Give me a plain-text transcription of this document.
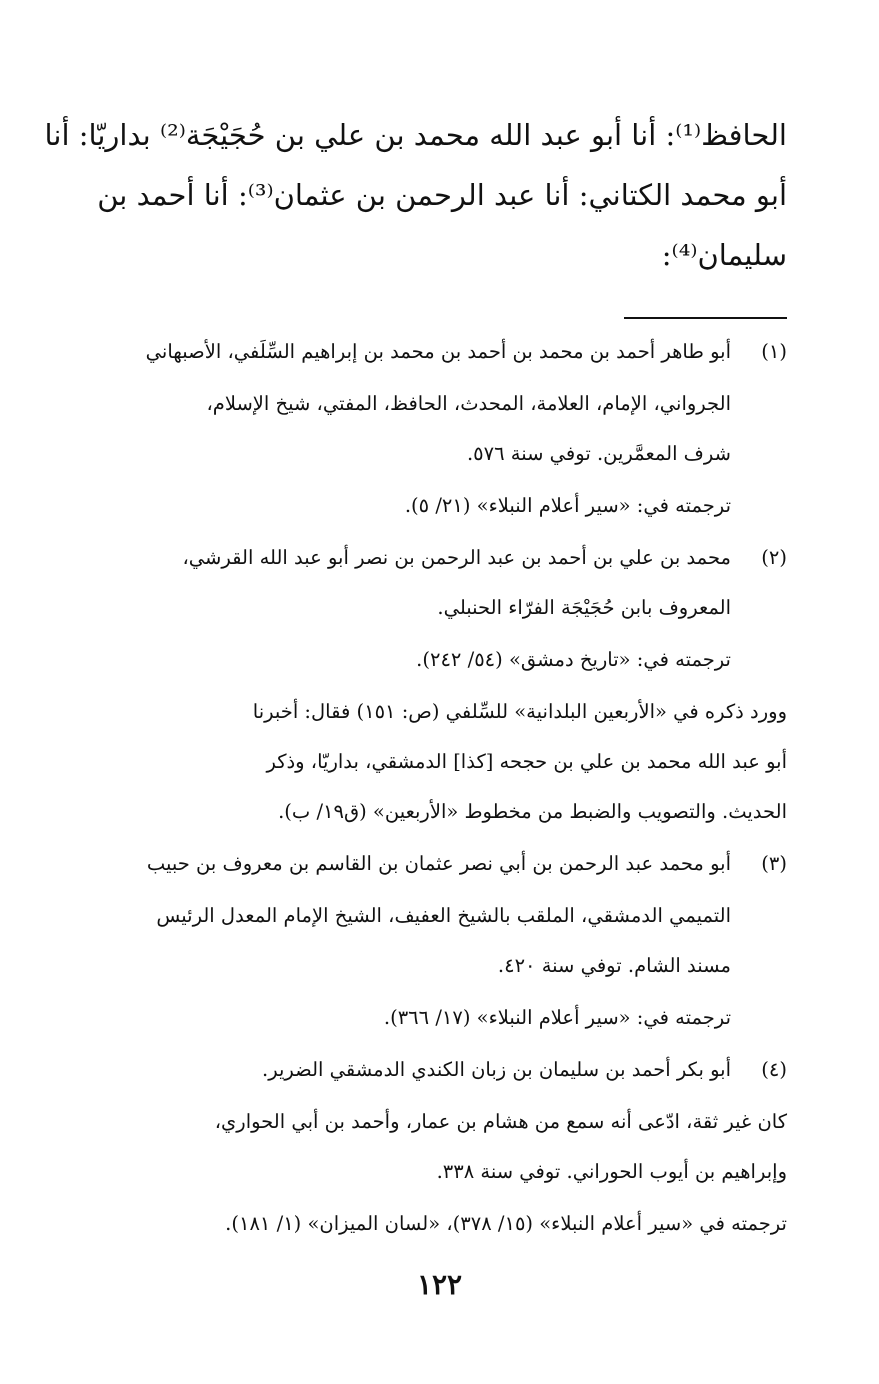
الحافظ⁽¹⁾: أنا أبو عبد الله محمد بن علي بن حُجَيْجَة⁽²⁾ بداريّا: أنا
أبو محمد الكتاني: أنا عبد الرحمن بن عثمان⁽³⁾: أنا أحمد بن
سليمان⁽⁴⁾:
(١)
أبو طاهر أحمد بن محمد بن أحمد بن محمد بن إبراهيم السِّلَفي، الأصبهاني
الجرواني، الإمام، العلامة، المحدث، الحافظ، المفتي، شيخ الإسلام،
شرف المعمَّرين. توفي سنة ٥٧٦.
ترجمته في: «سير أعلام النبلاء» (٢١/ ٥).
(٢)
محمد بن علي بن أحمد بن عبد الرحمن بن نصر أبو عبد الله القرشي،
المعروف بابن حُجَيْجَة الفرّاء الحنبلي.
ترجمته في: «تاريخ دمشق» (٥٤/ ٢٤٢).
وورد ذكره في «الأربعين البلدانية» للسِّلفي (ص: ١٥١) فقال: أخبرنا
أبو عبد الله محمد بن علي بن حجحه [كذا] الدمشقي، بداريّا، وذكر
الحديث. والتصويب والضبط من مخطوط «الأربعين» (ق١٩/ ب).
(٣)
أبو محمد عبد الرحمن بن أبي نصر عثمان بن القاسم بن معروف بن حبيب
التميمي الدمشقي، الملقب بالشيخ العفيف، الشيخ الإمام المعدل الرئيس
مسند الشام. توفي سنة ٤٢٠.
ترجمته في: «سير أعلام النبلاء» (١٧/ ٣٦٦).
(٤)
أبو بكر أحمد بن سليمان بن زبان الكندي الدمشقي الضرير.
كان غير ثقة، ادّعى أنه سمع من هشام بن عمار، وأحمد بن أبي الحواري،
وإبراهيم بن أيوب الحوراني. توفي سنة ٣٣٨.
ترجمته في «سير أعلام النبلاء» (١٥/ ٣٧٨)، «لسان الميزان» (١/ ١٨١).
١٢٢
